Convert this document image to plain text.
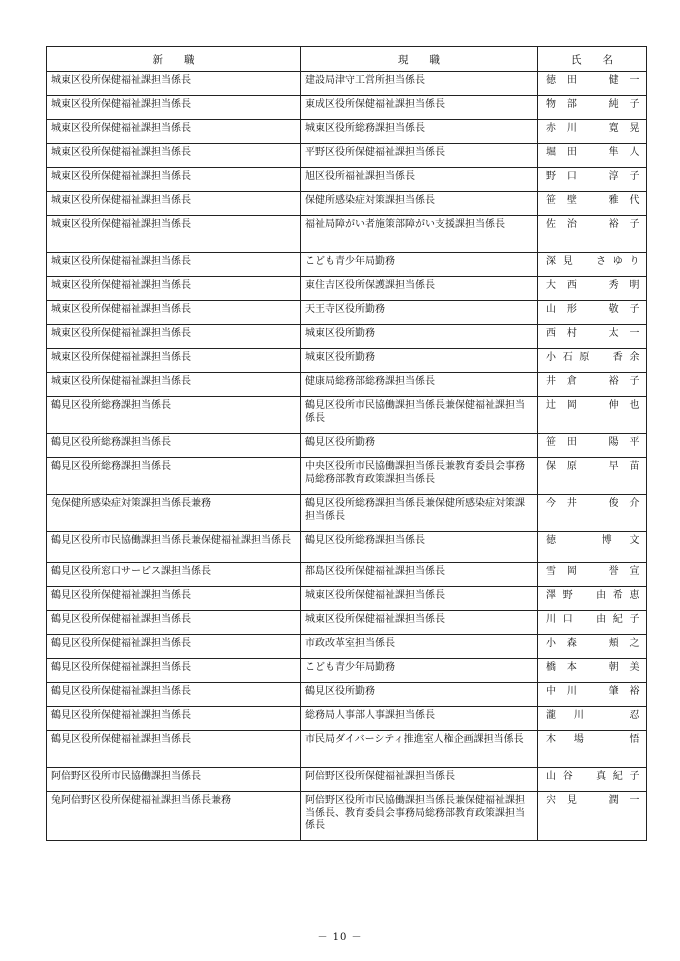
新　　職	現　　職	氏　　名

城東区役所保健福祉課担当係長	建設局津守工営所担当係長	徳田　健一

城東区役所保健福祉課担当係長	東成区役所保健福祉課担当係長	物部　純子

城東区役所保健福祉課担当係長	城東区役所総務課担当係長	赤川　寛晃

城東区役所保健福祉課担当係長	平野区役所保健福祉課担当係長	堀田　隼人

城東区役所保健福祉課担当係長	旭区役所福祉課担当係長	野口　淳子

城東区役所保健福祉課担当係長	保健所感染症対策課担当係長	笹壁　雅代

城東区役所保健福祉課担当係長	福祉局障がい者施策部障がい支援課担当係長	佐治　裕子

城東区役所保健福祉課担当係長	こども青少年局勤務	深見　さゆり

城東区役所保健福祉課担当係長	東住吉区役所保護課担当係長	大西　秀明

城東区役所保健福祉課担当係長	天王寺区役所勤務	山形　敬子

城東区役所保健福祉課担当係長	城東区役所勤務	西村　太一

城東区役所保健福祉課担当係長	城東区役所勤務	小石原　香余

城東区役所保健福祉課担当係長	健康局総務部総務課担当係長	井倉　裕子

鶴見区役所総務課担当係長	鶴見区役所市民協働課担当係長兼保健福祉課担当係長	辻岡　伸也

鶴見区役所総務課担当係長	鶴見区役所勤務	笹田　陽平

鶴見区役所総務課担当係長	中央区役所市民協働課担当係長兼教育委員会事務局総務部教育政策課担当係長	保原　早苗

兔保健所感染症対策課担当係長兼務	鶴見区役所総務課担当係長兼保健所感染症対策課担当係長	今井　俊介

鶴見区役所市民協働課担当係長兼保健福祉課担当係長	鶴見区役所総務課担当係長	徳　博文

鶴見区役所窓口サービス課担当係長	都島区役所保健福祉課担当係長	雪岡　誉宣

鶴見区役所保健福祉課担当係長	城東区役所保健福祉課担当係長	澤野　由希恵

鶴見区役所保健福祉課担当係長	城東区役所保健福祉課担当係長	川口　由紀子

鶴見区役所保健福祉課担当係長	市政改革室担当係長	小森　頬之

鶴見区役所保健福祉課担当係長	こども青少年局勤務	橋本　朝美

鶴見区役所保健福祉課担当係長	鶴見区役所勤務	中川　肇裕

鶴見区役所保健福祉課担当係長	総務局人事部人事課担当係長	瀧川　忍

鶴見区役所保健福祉課担当係長	市民局ダイバーシティ推進室人権企画課担当係長	木場　悟

阿倍野区役所市民協働課担当係長	阿倍野区役所保健福祉課担当係長	山谷　真紀子

兔阿倍野区役所保健福祉課担当係長兼務	阿倍野区役所市民協働課担当係長兼保健福祉課担当係長、教育委員会事務局総務部教育政策課担当係長	宍見　潤一
－ 10 －
